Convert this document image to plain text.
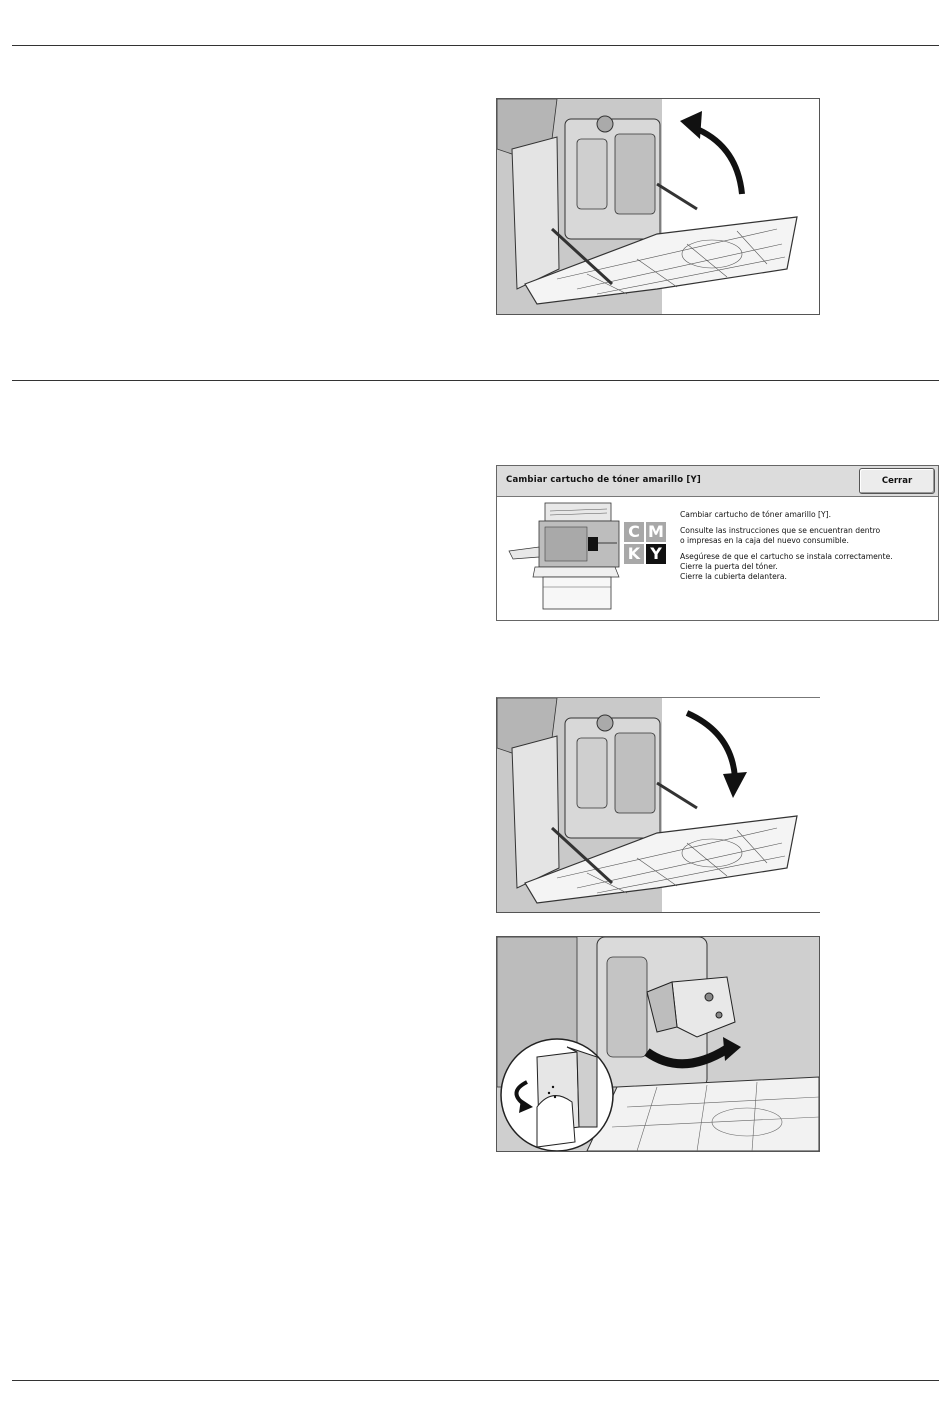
Cambiar cartucho de tóner amarillo [Y]	Cerrar
C M
K Y

Cambiar cartucho de tóner amarillo [Y].

Consulte las instrucciones que se encuentran dentro

o impresas en la caja del nuevo consumible.

Asegúrese de que el cartucho se instala correctamente.

Cierre la puerta del tóner.

Cierre la cubierta delantera.
